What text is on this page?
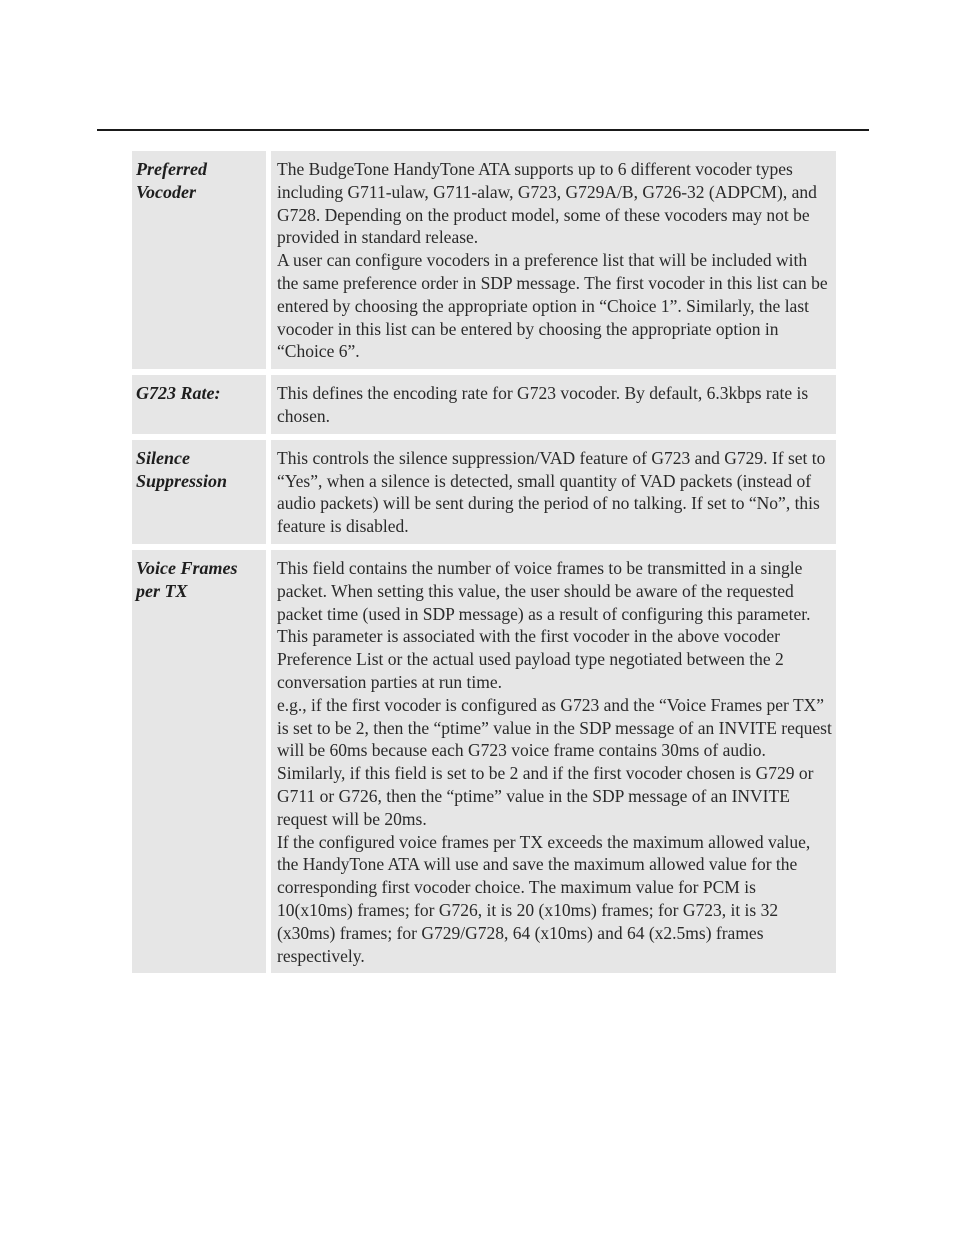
Preferred Vocoder

The BudgeTone HandyTone ATA supports up to 6 different vocoder types including G711-ulaw, G711-alaw, G723, G729A/B, G726-32 (ADPCM), and G728. Depending on the product model, some of these vocoders may not be provided in standard release.

A user can configure vocoders in a preference list that will be included with the same preference order in SDP message. The first vocoder in this list can be entered by choosing the appropriate option in “Choice 1”. Similarly, the last vocoder in this list can be entered by choosing the appropriate option in “Choice 6”.

G723 Rate:	This defines the encoding rate for G723 vocoder. By default, 6.3kbps rate is chosen.

Silence Suppression

This controls the silence suppression/VAD feature of G723 and G729. If set to “Yes”, when a silence is detected, small quantity of VAD packets (instead of audio packets) will be sent during the period of no talking. If set to “No”, this feature is disabled.

Voice Frames per TX

This field contains the number of voice frames to be transmitted in a single packet. When setting this value, the user should be aware of the requested packet time (used in SDP message) as a result of configuring this parameter. This parameter is associated with the first vocoder in the above vocoder Preference List or the actual used payload type negotiated between the 2 conversation parties at run time.

e.g., if the first vocoder is configured as G723 and the “Voice Frames per TX” is set to be 2, then the “ptime” value in the SDP message of an INVITE request will be 60ms because each G723 voice frame contains 30ms of audio. Similarly, if this field is set to be 2 and if the first vocoder chosen is G729 or G711 or G726, then the “ptime” value in the SDP message of an INVITE request will be 20ms.

If the configured voice frames per TX exceeds the maximum allowed value, the HandyTone ATA will use and save the maximum allowed value for the corresponding first vocoder choice. The maximum value for PCM is 10(x10ms) frames; for G726, it is 20 (x10ms) frames; for G723, it is 32 (x30ms) frames; for G729/G728, 64 (x10ms) and 64 (x2.5ms) frames respectively.
